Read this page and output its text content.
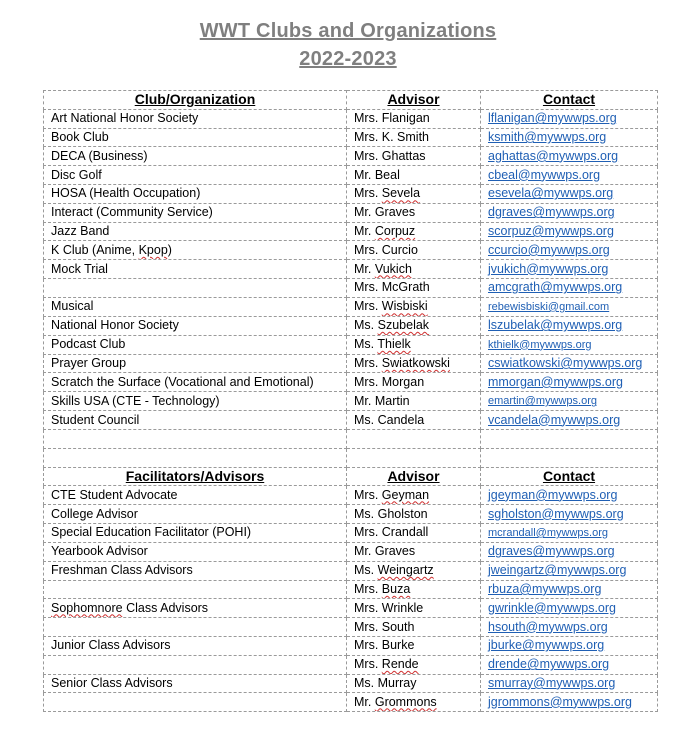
WWT Clubs and Organizations
2022-2023
Club/Organization	Advisor	Contact
Art National Honor Society	Mrs. Flanigan	lflanigan@mywwps.org
Book Club	Mrs. K. Smith	ksmith@mywwps.org
DECA (Business)	Mrs. Ghattas	aghattas@mywwps.org
Disc Golf	Mr. Beal	cbeal@mywwps.org
HOSA (Health Occupation)	Mrs. Sevela	esevela@mywwps.org
Interact (Community Service)	Mr. Graves	dgraves@mywwps.org
Jazz Band	Mr. Corpuz	scorpuz@mywwps.org
K Club (Anime, Kpop)	Mrs. Curcio	ccurcio@mywwps.org
Mock Trial	Mr. Vukich	jvukich@mywwps.org
	Mrs. McGrath	amcgrath@mywwps.org
Musical	Mrs. Wisbiski	rebewisbiski@gmail.com
National Honor Society	Ms. Szubelak	lszubelak@mywwps.org
Podcast Club	Ms. Thielk	kthielk@mywwps.org
Prayer Group	Mrs. Swiatkowski	cswiatkowski@mywwps.org
Scratch the Surface (Vocational and Emotional)	Mrs. Morgan	mmorgan@mywwps.org
Skills USA (CTE - Technology)	Mr. Martin	emartin@mywwps.org
Student Council	Ms. Candela	vcandela@mywwps.org

Facilitators/Advisors	Advisor	Contact
CTE Student Advocate	Mrs. Geyman	jgeyman@mywwps.org
College Advisor	Ms. Gholston	sgholston@mywwps.org
Special Education Facilitator (POHI)	Mrs. Crandall	mcrandall@mywwps.org
Yearbook Advisor	Mr. Graves	dgraves@mywwps.org
Freshman Class Advisors	Ms. Weingartz	jweingartz@mywwps.org
	Mrs. Buza	rbuza@mywwps.org
Sophomnore Class Advisors	Mrs. Wrinkle	gwrinkle@mywwps.org
	Mrs. South	hsouth@mywwps.org
Junior Class Advisors	Mrs. Burke	jburke@mywwps.org
	Mrs. Rende	drende@mywwps.org
Senior Class Advisors	Ms. Murray	smurray@mywwps.org
	Mr. Grommons	jgrommons@mywwps.org
